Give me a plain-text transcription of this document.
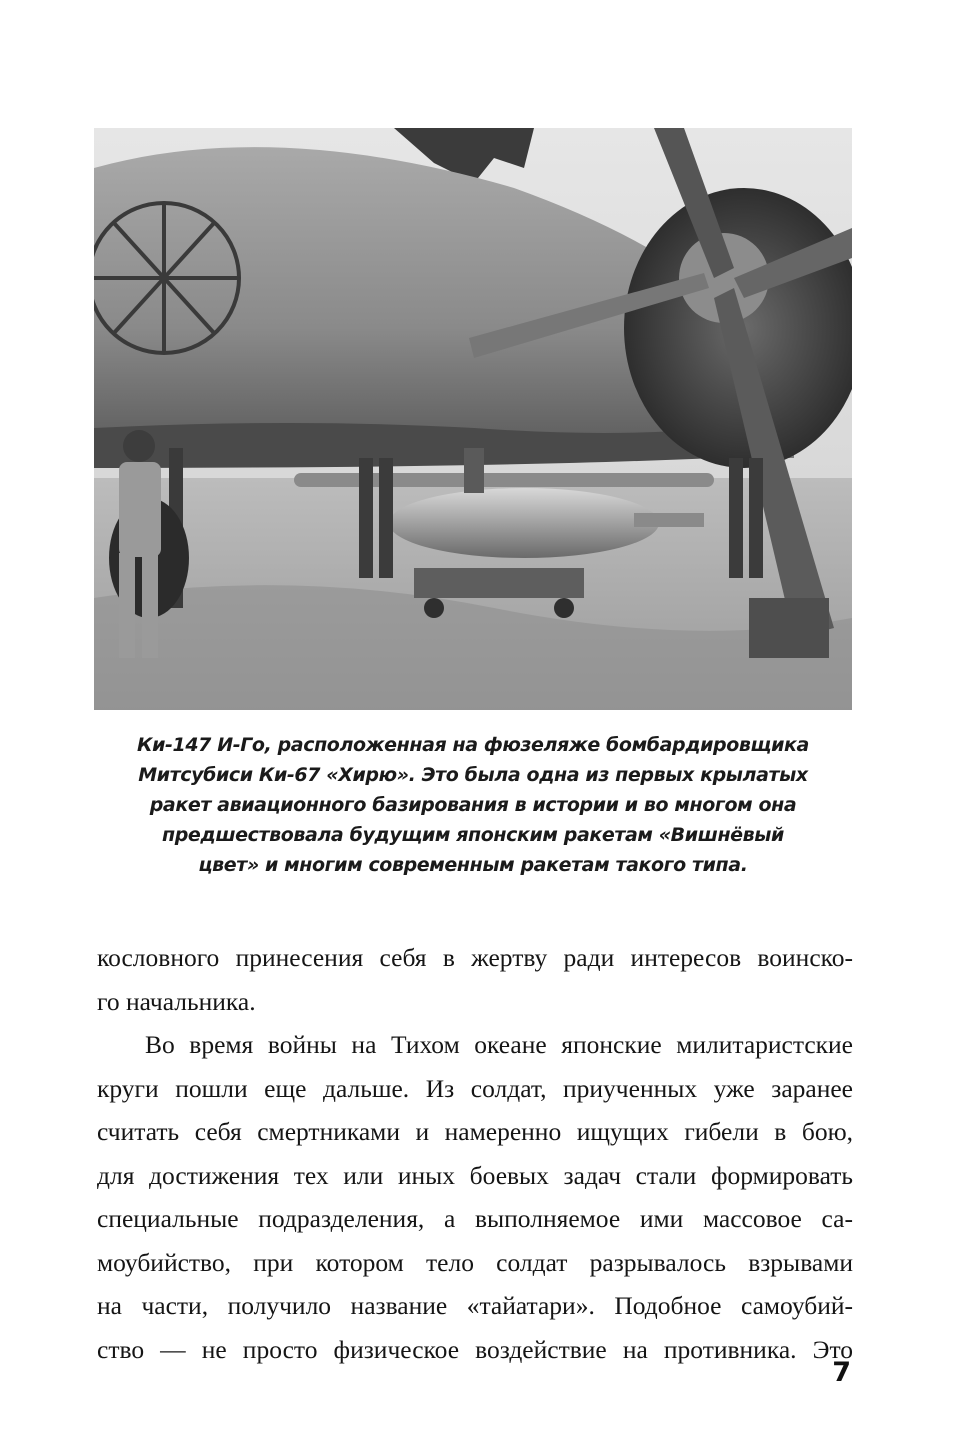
Ки-147 И-Го, расположенная на фюзеляже бомбардировщика
Митсубиси Ки-67 «Хирю». Это была одна из первых крылатых
ракет авиационного базирования в истории и во многом она
предшествовала будущим японским ракетам «Вишнёвый
цвет» и многим современным ракетам такого типа.
кословного принесения себя в жертву ради интересов воинско-
го начальника.
Во время войны на Тихом океане японские милитаристские
круги пошли еще дальше. Из солдат, приученных уже заранее
считать себя смертниками и намеренно ищущих гибели в бою,
для достижения тех или иных боевых задач стали формировать
специальные подразделения, а выполняемое ими массовое са-
моубийство, при котором тело солдат разрывалось взрывами
на части, получило название «тайатари». Подобное самоубий-
ство — не просто физическое воздействие на противника. Это
7
